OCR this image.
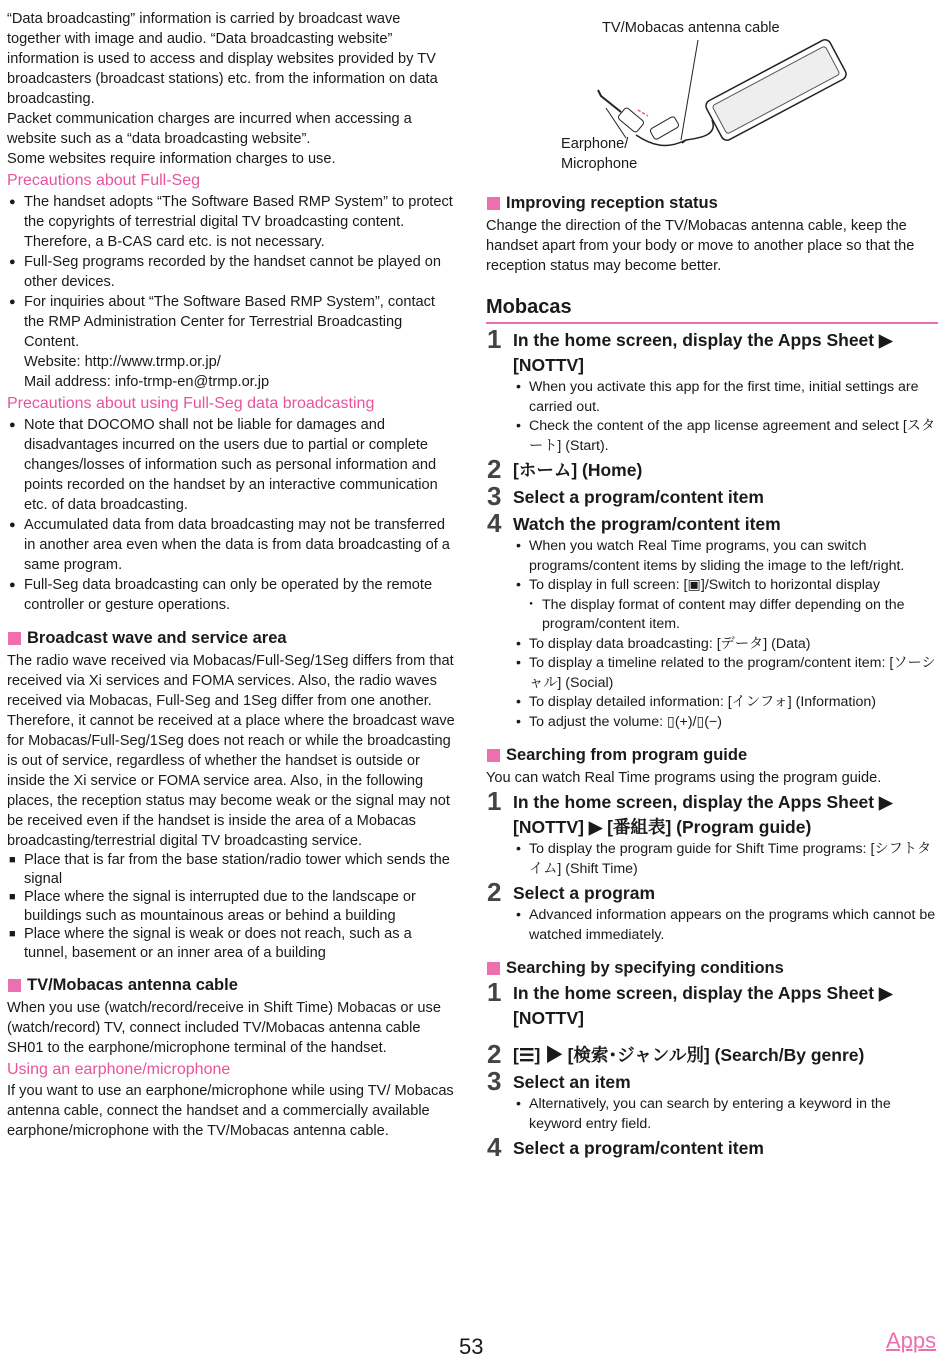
“Data broadcasting” information is carried by broadcast wave together with image and audio. “Data broadcasting website” information is used to access and display websites provided by TV broadcasters (broadcast stations) etc. from the information on data broadcasting.
Packet communication charges are incurred when accessing a website such as a “data broadcasting website”.
Some websites require information charges to use.
Precautions about Full-Seg
● The handset adopts “The Software Based RMP System” to protect the copyrights of terrestrial digital TV broadcasting content. Therefore, a B-CAS card etc. is not necessary.
● Full-Seg programs recorded by the handset cannot be played on other devices.
● For inquiries about “The Software Based RMP System”, contact the RMP Administration Center for Terrestrial Broadcasting Content.
Website: http://www.trmp.or.jp/
Mail address: info-trmp-en@trmp.or.jp
Precautions about using Full-Seg data broadcasting
● Note that DOCOMO shall not be liable for damages and disadvantages incurred on the users due to partial or complete changes/losses of information such as personal information and points recorded on the handset by an interactive communication etc. of data broadcasting.
● Accumulated data from data broadcasting may not be transferred in another area even when the data is from data broadcasting of a same program.
● Full-Seg data broadcasting can only be operated by the remote controller or gesture operations.
Broadcast wave and service area
The radio wave received via Mobacas/Full-Seg/1Seg differs from that received via Xi services and FOMA services. Also, the radio waves received via Mobacas, Full-Seg and 1Seg differ from one another. Therefore, it cannot be received at a place where the broadcast wave for Mobacas/Full-Seg/1Seg does not reach or while the broadcasting is out of service, regardless of whether the handset is outside or inside the Xi service or FOMA service area. Also, in the following places, the reception status may become weak or the signal may not be received even if the handset is inside the area of a Mobacas broadcasting/terrestrial digital TV broadcasting service.
■ Place that is far from the base station/radio tower which sends the signal
■ Place where the signal is interrupted due to the landscape or buildings such as mountainous areas or behind a building
■ Place where the signal is weak or does not reach, such as a tunnel, basement or an inner area of a building
TV/Mobacas antenna cable
When you use (watch/record/receive in Shift Time) Mobacas or use (watch/record) TV, connect included TV/Mobacas antenna cable SH01 to the earphone/microphone terminal of the handset.
Using an earphone/microphone
If you want to use an earphone/microphone while using TV/ Mobacas antenna cable, connect the handset and a commercially available earphone/microphone with the TV/Mobacas antenna cable.
TV/Mobacas antenna cable
Earphone/
Microphone
Improving reception status
Change the direction of the TV/Mobacas antenna cable, keep the handset apart from your body or move to another place so that the reception status may become better.
Mobacas
1 In the home screen, display the Apps Sheet ▶ [NOTTV]
• When you activate this app for the first time, initial settings are carried out.
• Check the content of the app license agreement and select [スタート] (Start).
2 [ホーム] (Home)
3 Select a program/content item
4 Watch the program/content item
• When you watch Real Time programs, you can switch programs/content items by sliding the image to the left/right.
• To display in full screen: [▣]/Switch to horizontal display
・ The display format of content may differ depending on the program/content item.
• To display data broadcasting: [データ] (Data)
• To display a timeline related to the program/content item: [ソーシャル] (Social)
• To display detailed information: [インフォ] (Information)
• To adjust the volume: ▯(+)/▯(−)
Searching from program guide
You can watch Real Time programs using the program guide.
1 In the home screen, display the Apps Sheet ▶ [NOTTV] ▶ [番組表] (Program guide)
• To display the program guide for Shift Time programs: [シフトタイム] (Shift Time)
2 Select a program
• Advanced information appears on the programs which cannot be watched immediately.
Searching by specifying conditions
1 In the home screen, display the Apps Sheet ▶ [NOTTV]
2 [☰] ▶ [検索･ジャンル別] (Search/By genre)
3 Select an item
• Alternatively, you can search by entering a keyword in the keyword entry field.
4 Select a program/content item
53	Apps
